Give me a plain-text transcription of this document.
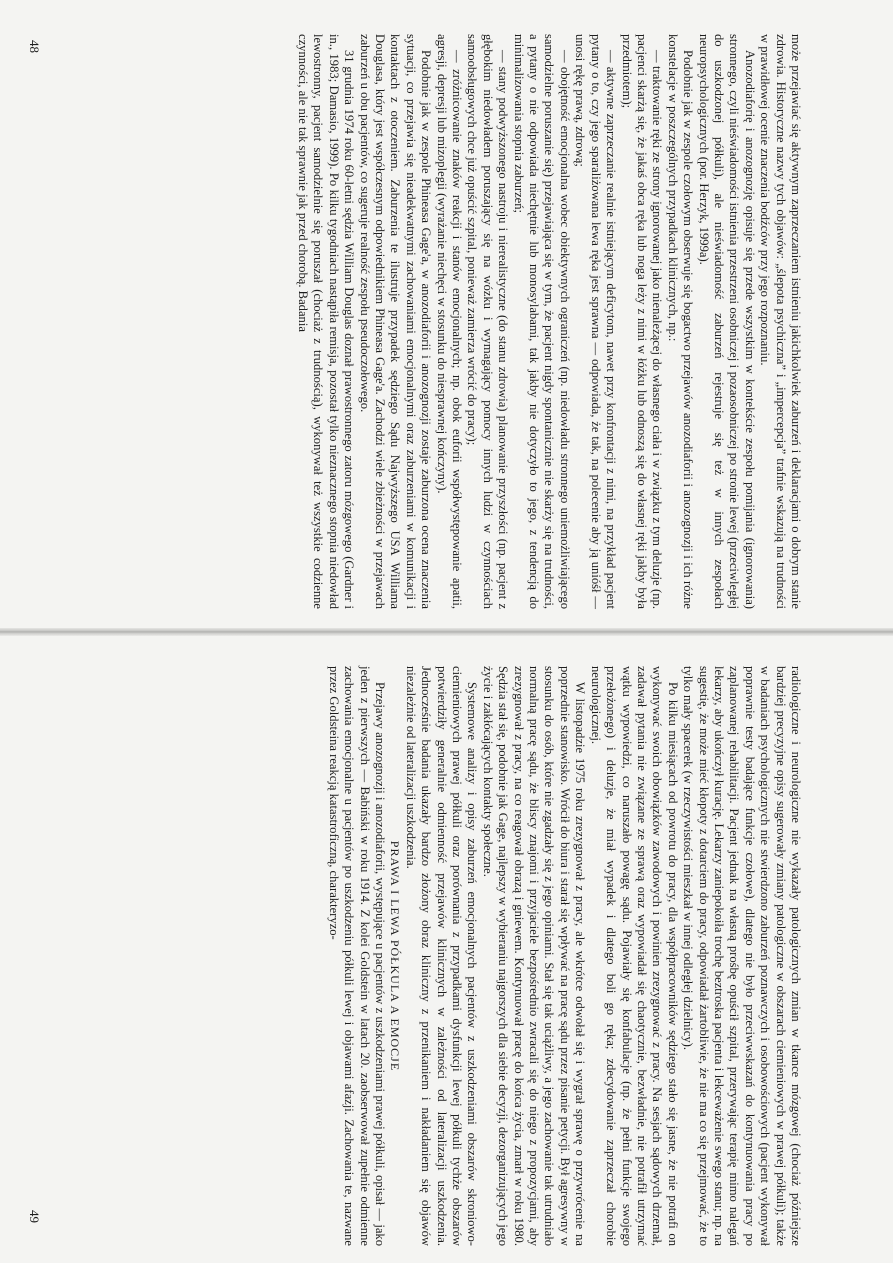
może przejawiać się aktywnym zaprzeczaniem istnieniu jakichkolwiek zaburzeń i deklaracjami o dobrym stanie zdrowia. Historyczne nazwy tych objawów: „ślepota psychiczna” i „impercepcja” trafnie wskazują na trudności w prawidłowej ocenie znaczenia bodźców przy jego rozpoznaniu.

Anozodiaforię i anozognozję opisuje się przede wszystkim w kontekście zespołu pomijania (ignorowania) stronnego, czyli nieświadomości istnienia przestrzeni osobniczej i pozaosobniczej po stronie lewej (przeciwległej do uszkodzonej półkuli), ale nieświadomość zaburzeń rejestruje się też w innych zespołach neuropsychologicznych (por. Herzyk, 1999a).

Podobnie jak w zespole czołowym obserwuje się bogactwo przejawów anozodiaforii i anozognozji i ich różne konstelacje w poszczególnych przypadkach klinicznych, np.:

— traktowanie ręki ze strony ignorowanej jako nienależącej do własnego ciała i w związku z tym deluzje (np. pacjenci skarżą się, że jakaś obca ręka lub noga leży z nimi w łóżku lub odnoszą się do własnej ręki jakby była przedmiotem);

— aktywne zaprzeczanie realnie istniejącym deficytom, nawet przy konfrontacji z nimi, na przykład pacjent pytany o to, czy jego sparaliżowana lewa ręka jest sprawna — odpowiada, że tak, na polecenie aby ją unióśł — unosi rękę prawą, zdrową;

— obojętność emocjonalna wobec obiektywnych ograniczeń (np. niedowładu stronnego uniemożliwiającego samodzielne poruszanie się) przejawiająca się w tym, że pacjent nigdy spontanicznie nie skarży się na trudności, a pytany o nie odpowiada niechętnie lub monosylabami, tak jakby nie dotyczyło to jego, z tendencją do minimalizowania stopnia zaburzeń;

— stany podwyższonego nastroju i nierealistyczne (do stanu zdrowia) planowanie przyszłości (np. pacjent z głębokim niedowładem poruszający się na wózku i wymagający pomocy innych ludzi w czynnościach samoobsługowych chce już opuścić szpital, ponieważ zamierza wrócić do pracy);

— zróżnicowanie znaków reakcji i stanów emocjonalnych; np. obok euforii współwystępowanie apatii, agresji, depresji lub mizoplegii (wyrażanie niechęci w stosunku do niesprawnej kończyny).

Podobnie jak w zespole Phineasa Gage'a, w anozodiaforii i anozognozji zostaje zaburzona ocena znaczenia sytuacji, co przejawia się nieadekwatnymi zachowaniami emocjonalnymi oraz zaburzeniami w komunikacji i kontaktach z otoczeniem. Zaburzenia te ilustruje przypadek sędziego Sądu Najwyższego USA Williama Douglasa, który jest współczesnym odpowiednikiem Phineasa Gage'a. Zachodzi wiele zbieżności w przejawach zaburzeń u obu pacjentów, co sugeruje realność zespołu pseudoczołowego.

31 grudnia 1974 roku 60-letni sędzia William Douglas doznał prawostronnego zatoru mózgowego (Gardner i in., 1983; Damasio, 1999). Po kilku tygodniach nastąpiła remisja, pozostał tylko nieznacznego stopnia niedowład lewostronny, pacjent samodzielnie się poruszał (chociaż z trudnością), wykonywał też wszystkie codzienne czynności, ale nie tak sprawnie jak przed chorobą. Badania

48

radiologiczne i neurologiczne nie wykazały patologicznych zmian w tkance mózgowej (chociaż późniejsze bardziej precyzyjne opisy sugerowały zmiany patologiczne w obszarach ciemieniowych w prawej półkuli); także w badaniach psychologicznych nie stwierdzono zaburzeń poznawczych i osobowościowych (pacjent wykonywał poprawnie testy badające funkcje czołowe), dlatego nie było przeciwwskazań do kontynuowania pracy po zaplanowanej rehabilitacji. Pacjent jednak na własną prośbę opuścił szpital, przerywając terapię mimo nalegań lekarzy, aby ukończył kurację. Lekarzy zaniepokoiła trochę beztroska pacjenta i lekceważenie swego stanu; np. na sugestię, że może mieć kłopoty z dotarciem do pracy, odpowiadał żartobliwie, że nie ma co się przejmować, że to tylko mały spacerek (w rzeczywistości mieszkał w innej odległej dzielnicy).

Po kilku miesiącach od powrotu do pracy, dla współpracowników sędziego stało się jasne, że nie potrafi on wykonywać swoich obowiązków zawodowych i powinien zrezygnować z pracy. Na sesjach sądowych drzemał, zadawał pytania nie związane ze sprawą oraz wypowiadał się chaotycznie, bezwładnie, nie potrafił utrzymać wątku wypowiedzi, co naruszało powagę sądu. Pojawiały się konfabulacje (np. że pełni funkcje swojego przełożonego) i deluzje, że miał wypadek i dlatego boli go ręka; zdecydowanie zaprzeczał chorobie neurologicznej.

W listopadzie 1975 roku zrezygnował z pracy, ale wkrótce odwołał się i wygrał sprawę o przywrócenie na poprzednie stanowisko. Wrócił do biura i starał się wpływać na pracę sądu przez pisanie petycji. Był agresywny w stosunku do osób, które nie zgadzały się z jego opiniami. Stał się tak uciążliwy, a jego zachowanie tak utrudniało normalną pracę sądu, że bliscy znajomi i przyjaciele bezpośrednio zwracali się do niego z propozycjami, aby zrezygnował z pracy, na co reagował obrazą i gniewem. Kontynuował pracę do końca życia, zmarł w roku 1980. Sędzia stał się, podobnie jak Gage, najlepszy w wybieraniu najgorszych dla siebie decyzji, dezorganizujących jego życie i zakłócających kontakty społeczne.

Systemowe analizy i opisy zaburzeń emocjonalnych pacjentów z uszkodzeniami obszarów skroniowo-ciemieniowych prawej półkuli oraz porównania z przypadkami dysfunkcji lewej półkuli tychże obszarów potwierdziły generalnie odmienność przejawów klinicznych w zależności od lateralizacji uszkodzenia. Jednocześnie badania ukazały bardzo złożony obraz kliniczny z przenikaniem i nakładaniem się objawów niezależnie od lateralizacji uszkodzenia.

PRAWA I LEWA PÓŁKULA A EMOCJE

Przejawy anozognozji i anozodiaforii, występujące u pacjentów z uszkodzeniami prawej półkuli, opisał — jako jeden z pierwszych — Babiński w roku 1914. Z kolei Goldstein w latach 20. zaobserwował zupełnie odmienne zachowania emocjonalne u pacjentów po uszkodzeniu półkuli lewej i objawami afazji. Zachowania te, nazwane przez Goldsteina reakcją katastroficzną, charakteryzo-

49
